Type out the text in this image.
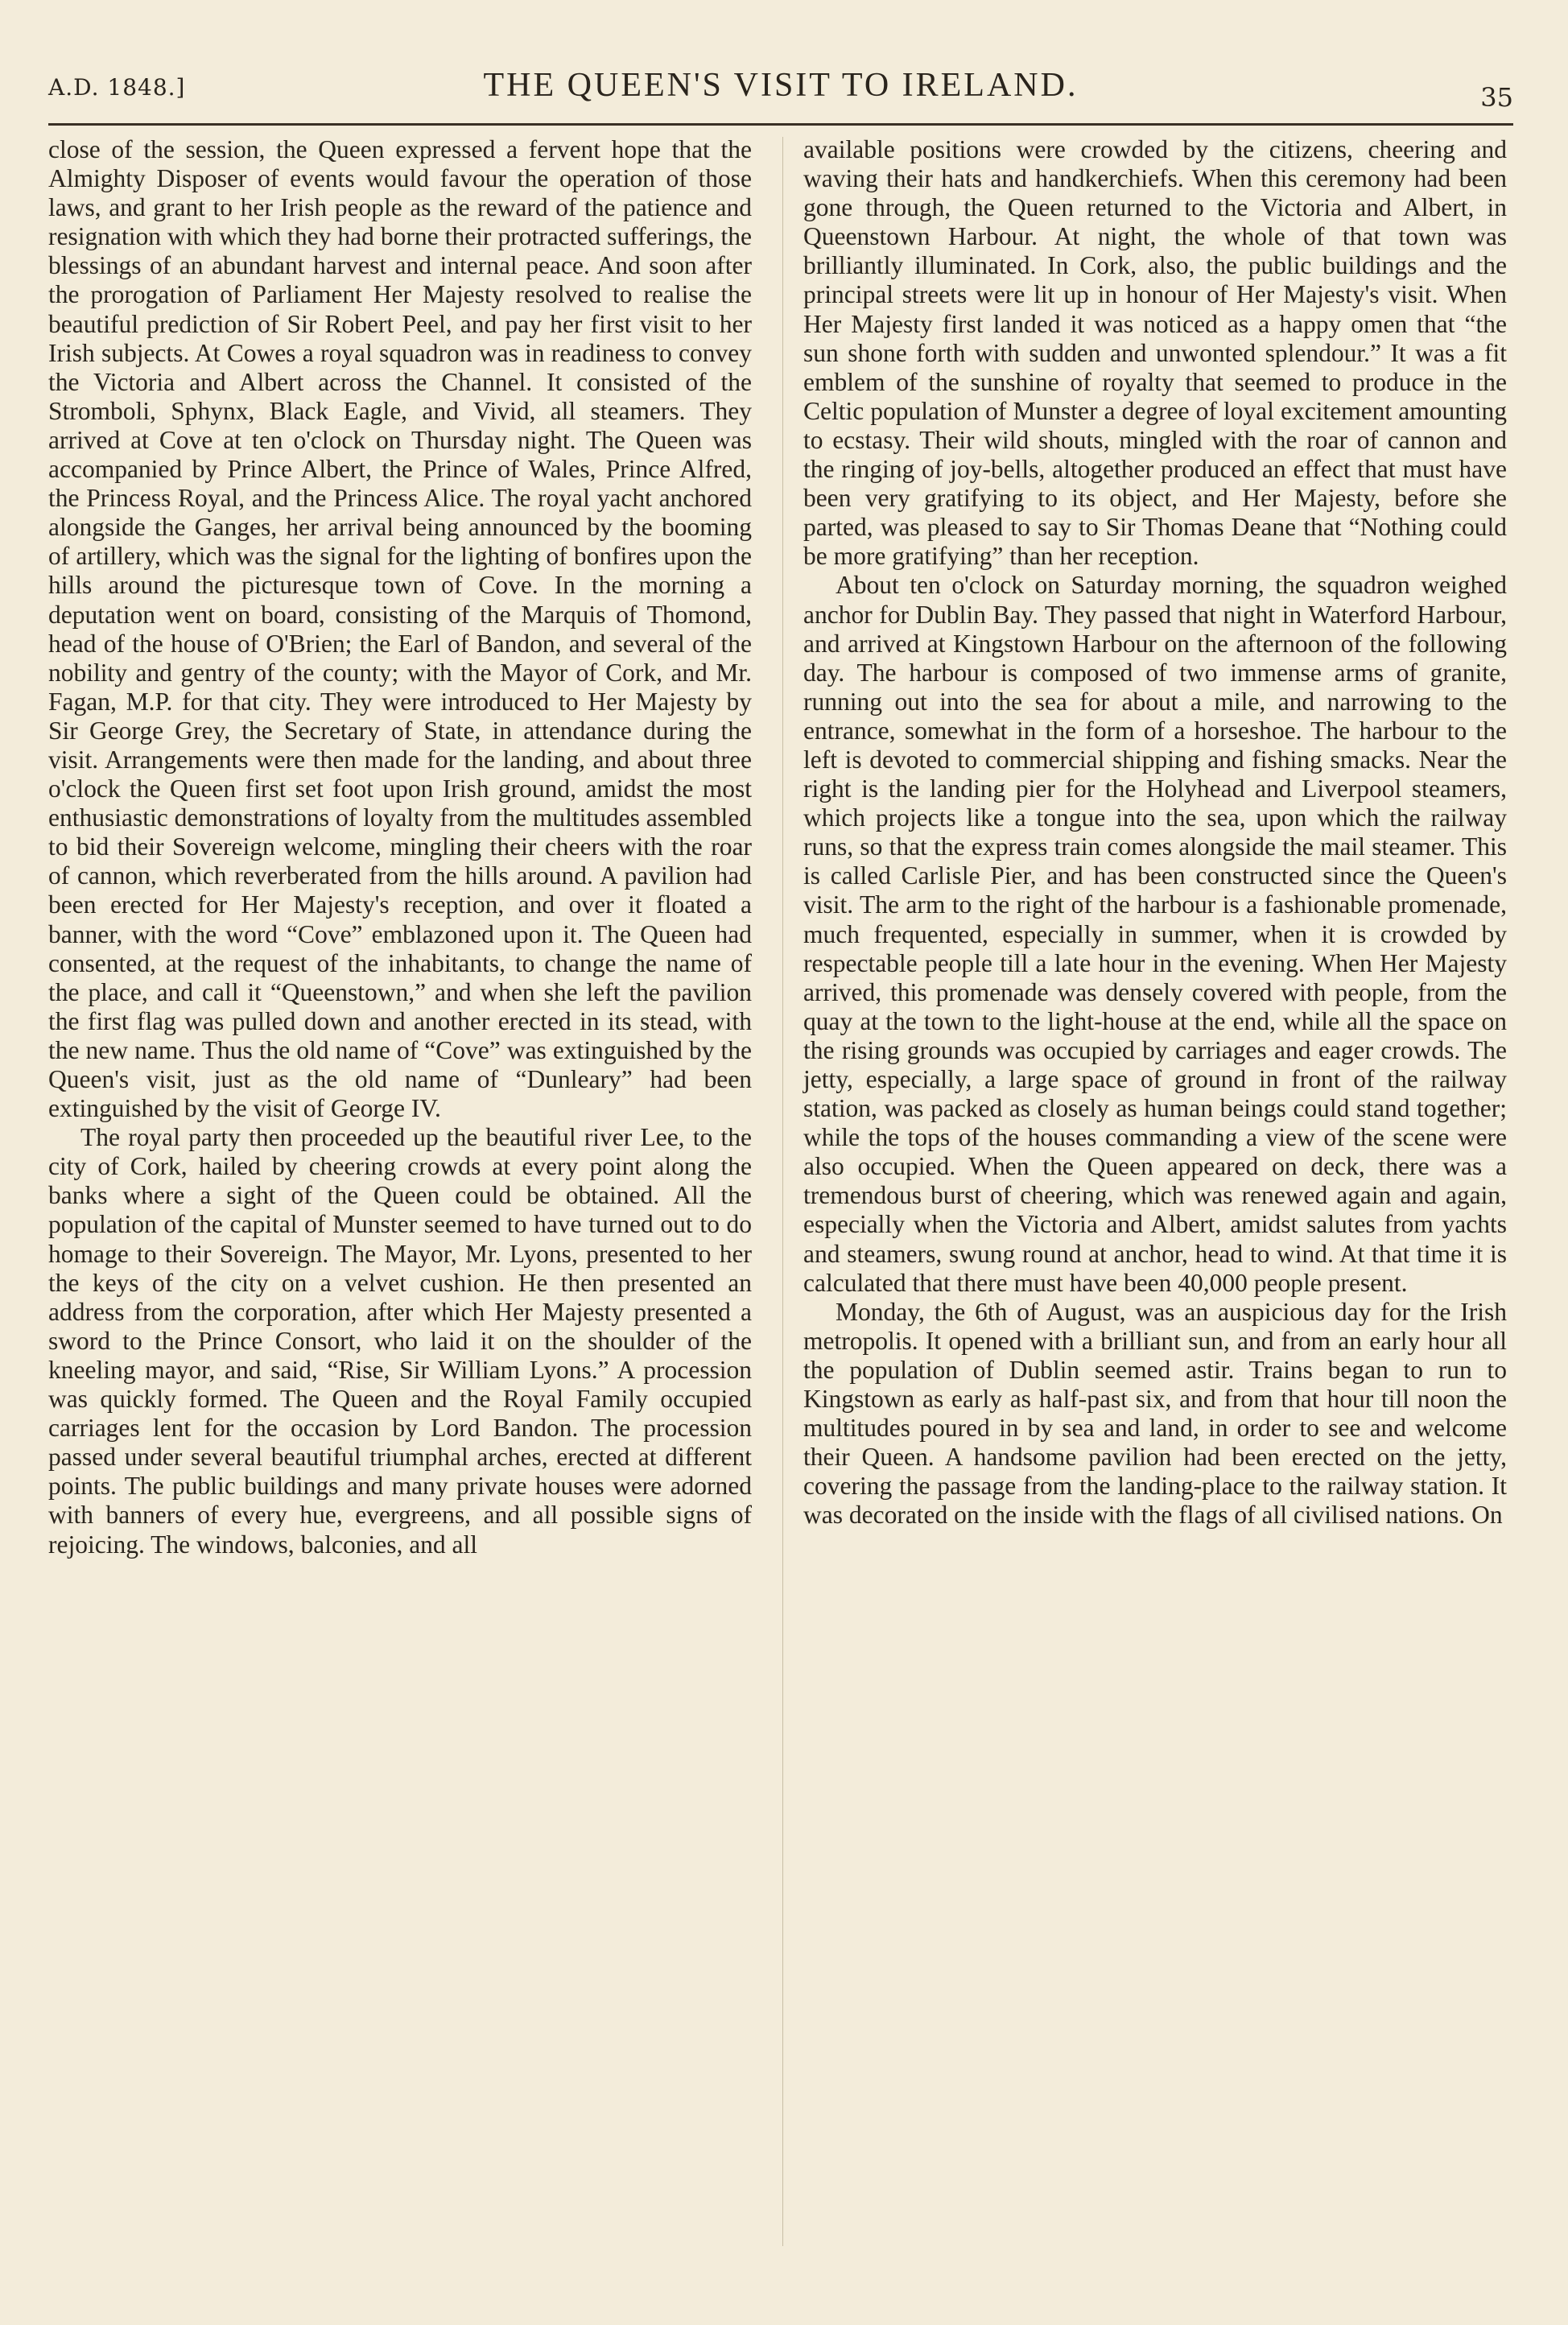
A.D. 1848.]	THE QUEEN'S VISIT TO IRELAND.	35

close of the session, the Queen expressed a fervent hope that the Almighty Disposer of events would favour the operation of those laws, and grant to her Irish people as the reward of the patience and resignation with which they had borne their protracted sufferings, the blessings of an abundant harvest and internal peace. And soon after the prorogation of Parliament Her Majesty resolved to realise the beautiful prediction of Sir Robert Peel, and pay her first visit to her Irish subjects. At Cowes a royal squadron was in readiness to convey the Victoria and Albert across the Channel. It consisted of the Stromboli, Sphynx, Black Eagle, and Vivid, all steamers. They arrived at Cove at ten o'clock on Thursday night. The Queen was accompanied by Prince Albert, the Prince of Wales, Prince Alfred, the Princess Royal, and the Princess Alice. The royal yacht anchored alongside the Ganges, her arrival being announced by the booming of artillery, which was the signal for the lighting of bonfires upon the hills around the picturesque town of Cove. In the morning a deputation went on board, consisting of the Marquis of Thomond, head of the house of O'Brien; the Earl of Bandon, and several of the nobility and gentry of the county; with the Mayor of Cork, and Mr. Fagan, M.P. for that city. They were introduced to Her Majesty by Sir George Grey, the Secretary of State, in attendance during the visit. Arrangements were then made for the landing, and about three o'clock the Queen first set foot upon Irish ground, amidst the most enthusiastic demonstrations of loyalty from the multitudes assembled to bid their Sovereign welcome, mingling their cheers with the roar of cannon, which reverberated from the hills around. A pavilion had been erected for Her Majesty's reception, and over it floated a banner, with the word “Cove” emblazoned upon it. The Queen had consented, at the request of the inhabitants, to change the name of the place, and call it “Queenstown,” and when she left the pavilion the first flag was pulled down and another erected in its stead, with the new name. Thus the old name of “Cove” was extinguished by the Queen's visit, just as the old name of “Dunleary” had been extinguished by the visit of George IV.

The royal party then proceeded up the beautiful river Lee, to the city of Cork, hailed by cheering crowds at every point along the banks where a sight of the Queen could be obtained. All the population of the capital of Munster seemed to have turned out to do homage to their Sovereign. The Mayor, Mr. Lyons, presented to her the keys of the city on a velvet cushion. He then presented an address from the corporation, after which Her Majesty presented a sword to the Prince Consort, who laid it on the shoulder of the kneeling mayor, and said, “Rise, Sir William Lyons.” A procession was quickly formed. The Queen and the Royal Family occupied carriages lent for the occasion by Lord Bandon. The procession passed under several beautiful triumphal arches, erected at different points. The public buildings and many private houses were adorned with banners of every hue, evergreens, and all possible signs of rejoicing. The windows, balconies, and all

available positions were crowded by the citizens, cheering and waving their hats and handkerchiefs. When this ceremony had been gone through, the Queen returned to the Victoria and Albert, in Queenstown Harbour. At night, the whole of that town was brilliantly illuminated. In Cork, also, the public buildings and the principal streets were lit up in honour of Her Majesty's visit. When Her Majesty first landed it was noticed as a happy omen that “the sun shone forth with sudden and unwonted splendour.” It was a fit emblem of the sunshine of royalty that seemed to produce in the Celtic population of Munster a degree of loyal excitement amounting to ecstasy. Their wild shouts, mingled with the roar of cannon and the ringing of joy-bells, altogether produced an effect that must have been very gratifying to its object, and Her Majesty, before she parted, was pleased to say to Sir Thomas Deane that “Nothing could be more gratifying” than her reception.

About ten o'clock on Saturday morning, the squadron weighed anchor for Dublin Bay. They passed that night in Waterford Harbour, and arrived at Kingstown Harbour on the afternoon of the following day. The harbour is composed of two immense arms of granite, running out into the sea for about a mile, and narrowing to the entrance, somewhat in the form of a horseshoe. The harbour to the left is devoted to commercial shipping and fishing smacks. Near the right is the landing pier for the Holyhead and Liverpool steamers, which projects like a tongue into the sea, upon which the railway runs, so that the express train comes alongside the mail steamer. This is called Carlisle Pier, and has been constructed since the Queen's visit. The arm to the right of the harbour is a fashionable promenade, much frequented, especially in summer, when it is crowded by respectable people till a late hour in the evening. When Her Majesty arrived, this promenade was densely covered with people, from the quay at the town to the light-house at the end, while all the space on the rising grounds was occupied by carriages and eager crowds. The jetty, especially, a large space of ground in front of the railway station, was packed as closely as human beings could stand together; while the tops of the houses commanding a view of the scene were also occupied. When the Queen appeared on deck, there was a tremendous burst of cheering, which was renewed again and again, especially when the Victoria and Albert, amidst salutes from yachts and steamers, swung round at anchor, head to wind. At that time it is calculated that there must have been 40,000 people present.

Monday, the 6th of August, was an auspicious day for the Irish metropolis. It opened with a brilliant sun, and from an early hour all the population of Dublin seemed astir. Trains began to run to Kingstown as early as half-past six, and from that hour till noon the multitudes poured in by sea and land, in order to see and welcome their Queen. A handsome pavilion had been erected on the jetty, covering the passage from the landing-place to the railway station. It was decorated on the inside with the flags of all civilised nations. On
